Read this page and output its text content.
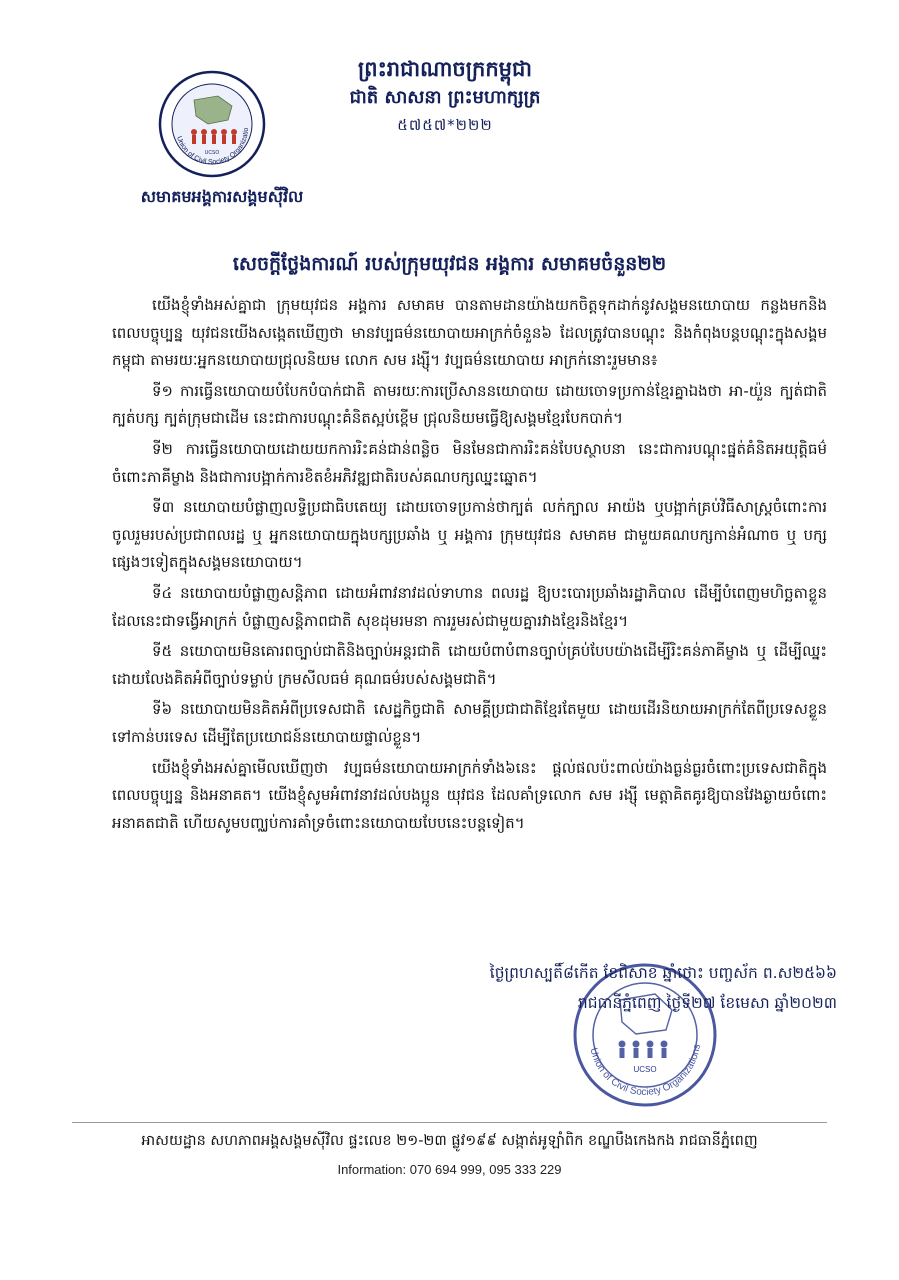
Union of Civil Society Organizatio
UCSO
សមាគមអង្គការសង្គមស៊ីវិល
ព្រះរាជាណាចក្រកម្ពុជា
ជាតិ សាសនា ព្រះមហាក្សត្រ
៥៧៥៧*២២២
សេចក្តីថ្លែងការណ៍ របស់ក្រុមយុវជន អង្គការ សមាគមចំនួន២២

យើងខ្ញុំទាំងអស់គ្នាជា ក្រុមយុវជន អង្គការ សមាគម បានតាមដានយ៉ាងយកចិត្តទុកដាក់នូវសង្គមនយោបាយ កន្លងមកនិងពេលបច្ចុប្បន្ន យុវជនយើងសង្កេតឃើញថា មានវប្បធម៌នយោបាយអាក្រក់ចំនួន៦ ដែលត្រូវបានបណ្តុះ និងកំពុងបន្តបណ្តុះក្នុងសង្គមកម្ពុជា តាមរយៈអ្នកនយោបាយជ្រុលនិយម លោក សម រង្ស៊ី។ វប្បធម៌នយោបាយ អាក្រក់នោះរួមមាន៖

ទី១ ការធ្វើនយោបាយបំបែកបំបាក់ជាតិ តាមរយៈការប្រើសាននយោបាយ ដោយចោទប្រកាន់ខ្មែរគ្នាឯងថា អា-យ៉ួន ក្បត់ជាតិ ក្បត់បក្ស ក្បត់ក្រុមជាដើម នេះជាការបណ្តុះគំនិតស្អប់ខ្ពើម ជ្រុលនិយមធ្វើឱ្យសង្គមខ្មែរបែកបាក់។

ទី២ ការធ្វើនយោបាយដោយយកការរិះគន់ជាន់ពន្លិច មិនមែនជាការរិះគន់បែបស្ថាបនា នេះជាការបណ្តុះផ្នត់គំនិតអយុត្តិធម៌ចំពោះភាគីម្ខាង និងជាការបង្អាក់ការខិតខំអភិវឌ្ឍជាតិរបស់គណបក្សឈ្នះឆ្នោត។

ទី៣ នយោបាយបំផ្លាញលទ្ធិប្រជាធិបតេយ្យ ដោយចោទប្រកាន់ថាក្បត់ លក់ក្បាល អាយ៉ង ឬបង្អាក់គ្រប់វិធីសាស្រ្តចំពោះការចូលរួមរបស់ប្រជាពលរដ្ឋ ឬ អ្នកនយោបាយក្នុងបក្សប្រឆាំង ឬ អង្គការ ក្រុមយុវជន សមាគម ជាមួយគណបក្សកាន់អំណាច ឬ បក្សផ្សេងៗទៀតក្នុងសង្គមនយោបាយ។

ទី៤ នយោបាយបំផ្លាញសន្តិភាព ដោយអំពាវនាវដល់ទាហាន ពលរដ្ឋ ឱ្យបះបោរប្រឆាំងរដ្ឋាភិបាល ដើម្បីបំពេញមហិច្ឆតាខ្លួន ដែលនេះជាទង្វើអាក្រក់ បំផ្លាញសន្តិភាពជាតិ សុខដុមរមនា ការរួមរស់ជាមួយគ្នារវាងខ្មែរនិងខ្មែរ។

ទី៥ នយោបាយមិនគោរពច្បាប់ជាតិនិងច្បាប់អន្តរជាតិ ដោយបំពាបំពានច្បាប់គ្រប់បែបយ៉ាងដើម្បីរិះគន់ភាគីម្ខាង ឬ ដើម្បីឈ្នះ ដោយលែងគិតអំពីច្បាប់ទម្លាប់ ក្រមសីលធម៌ គុណធម៌របស់សង្គមជាតិ។

ទី៦ នយោបាយមិនគិតអំពីប្រទេសជាតិ សេដ្ឋកិច្ចជាតិ សាមគ្គីប្រជាជាតិខ្មែរតែមួយ ដោយដើរនិយាយអាក្រក់តែពីប្រទេសខ្លួនទៅកាន់បរទេស ដើម្បីតែប្រយោជន៍នយោបាយផ្ទាល់ខ្លួន។

យើងខ្ញុំទាំងអស់គ្នាមើលឃើញថា វប្បធម៌នយោបាយអាក្រក់ទាំង៦នេះ ផ្តល់ផលប៉ះពាល់យ៉ាងធ្ងន់ធ្ងរចំពោះប្រទេសជាតិក្នុងពេលបច្ចុប្បន្ន និងអនាគត។ យើងខ្ញុំសូមអំពាវនាវដល់បងប្អូន យុវជន ដែលគាំទ្រលោក សម រង្ស៊ី មេត្តាគិតគូរឱ្យបានវែងឆ្ងាយចំពោះអនាគតជាតិ ហើយសូមបញ្ឈប់ការគាំទ្រចំពោះនយោបាយបែបនេះបន្តទៀត។

Union of Civil Society Organizations
UCSO
ថ្ងៃព្រហស្បតិ៍៨កើត ខែពិសាខ ឆ្នាំថោះ បញ្ចស័ក ព.ស២៥៦៦
រាជធានីភ្នំពេញ ថ្ងៃទី២៧ ខែមេសា ឆ្នាំ២០២៣
អាសយដ្ឋាន សហភាពអង្គសង្គមស៊ីវិល ផ្ទះលេខ ២១-២៣ ផ្លូវ១៩៩ សង្កាត់អូឡាំពិក ខណ្ឌបឹងកេងកង រាជធានីភ្នំពេញ
Information: 070 694 999, 095 333 229
